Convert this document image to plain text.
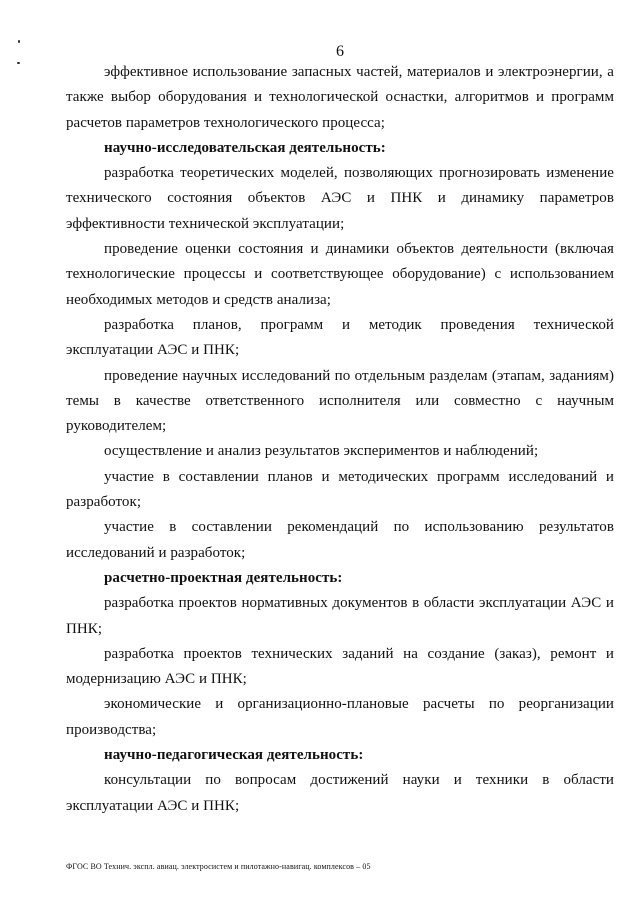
6

эффективное использование запасных частей, материалов и электроэнергии, а также выбор оборудования и технологической оснастки, алгоритмов и программ расчетов параметров технологического процесса;

научно-исследовательская деятельность:

разработка теоретических моделей, позволяющих прогнозировать изменение технического состояния объектов АЭС и ПНК и динамику параметров эффективности технической эксплуатации;

проведение оценки состояния и динамики объектов деятельности (включая технологические процессы и соответствующее оборудование) с использованием необходимых методов и средств анализа;

разработка планов, программ и методик проведения технической эксплуатации АЭС и ПНК;

проведение научных исследований по отдельным разделам (этапам, заданиям) темы в качестве ответственного исполнителя или совместно с научным руководителем;

осуществление и анализ результатов экспериментов и наблюдений;

участие в составлении планов и методических программ исследований и разработок;

участие в составлении рекомендаций по использованию результатов исследований и разработок;

расчетно-проектная деятельность:

разработка проектов нормативных документов в области эксплуатации АЭС и ПНК;

разработка проектов технических заданий на создание (заказ), ремонт и модернизацию АЭС и ПНК;

экономические и организационно-плановые расчеты по реорганизации производства;

научно-педагогическая деятельность:

консультации по вопросам достижений науки и техники в области эксплуатации АЭС и ПНК;

ФГОС ВО Технич. экспл. авиац. электросистем и пилотажно-навигац. комплексов – 05
